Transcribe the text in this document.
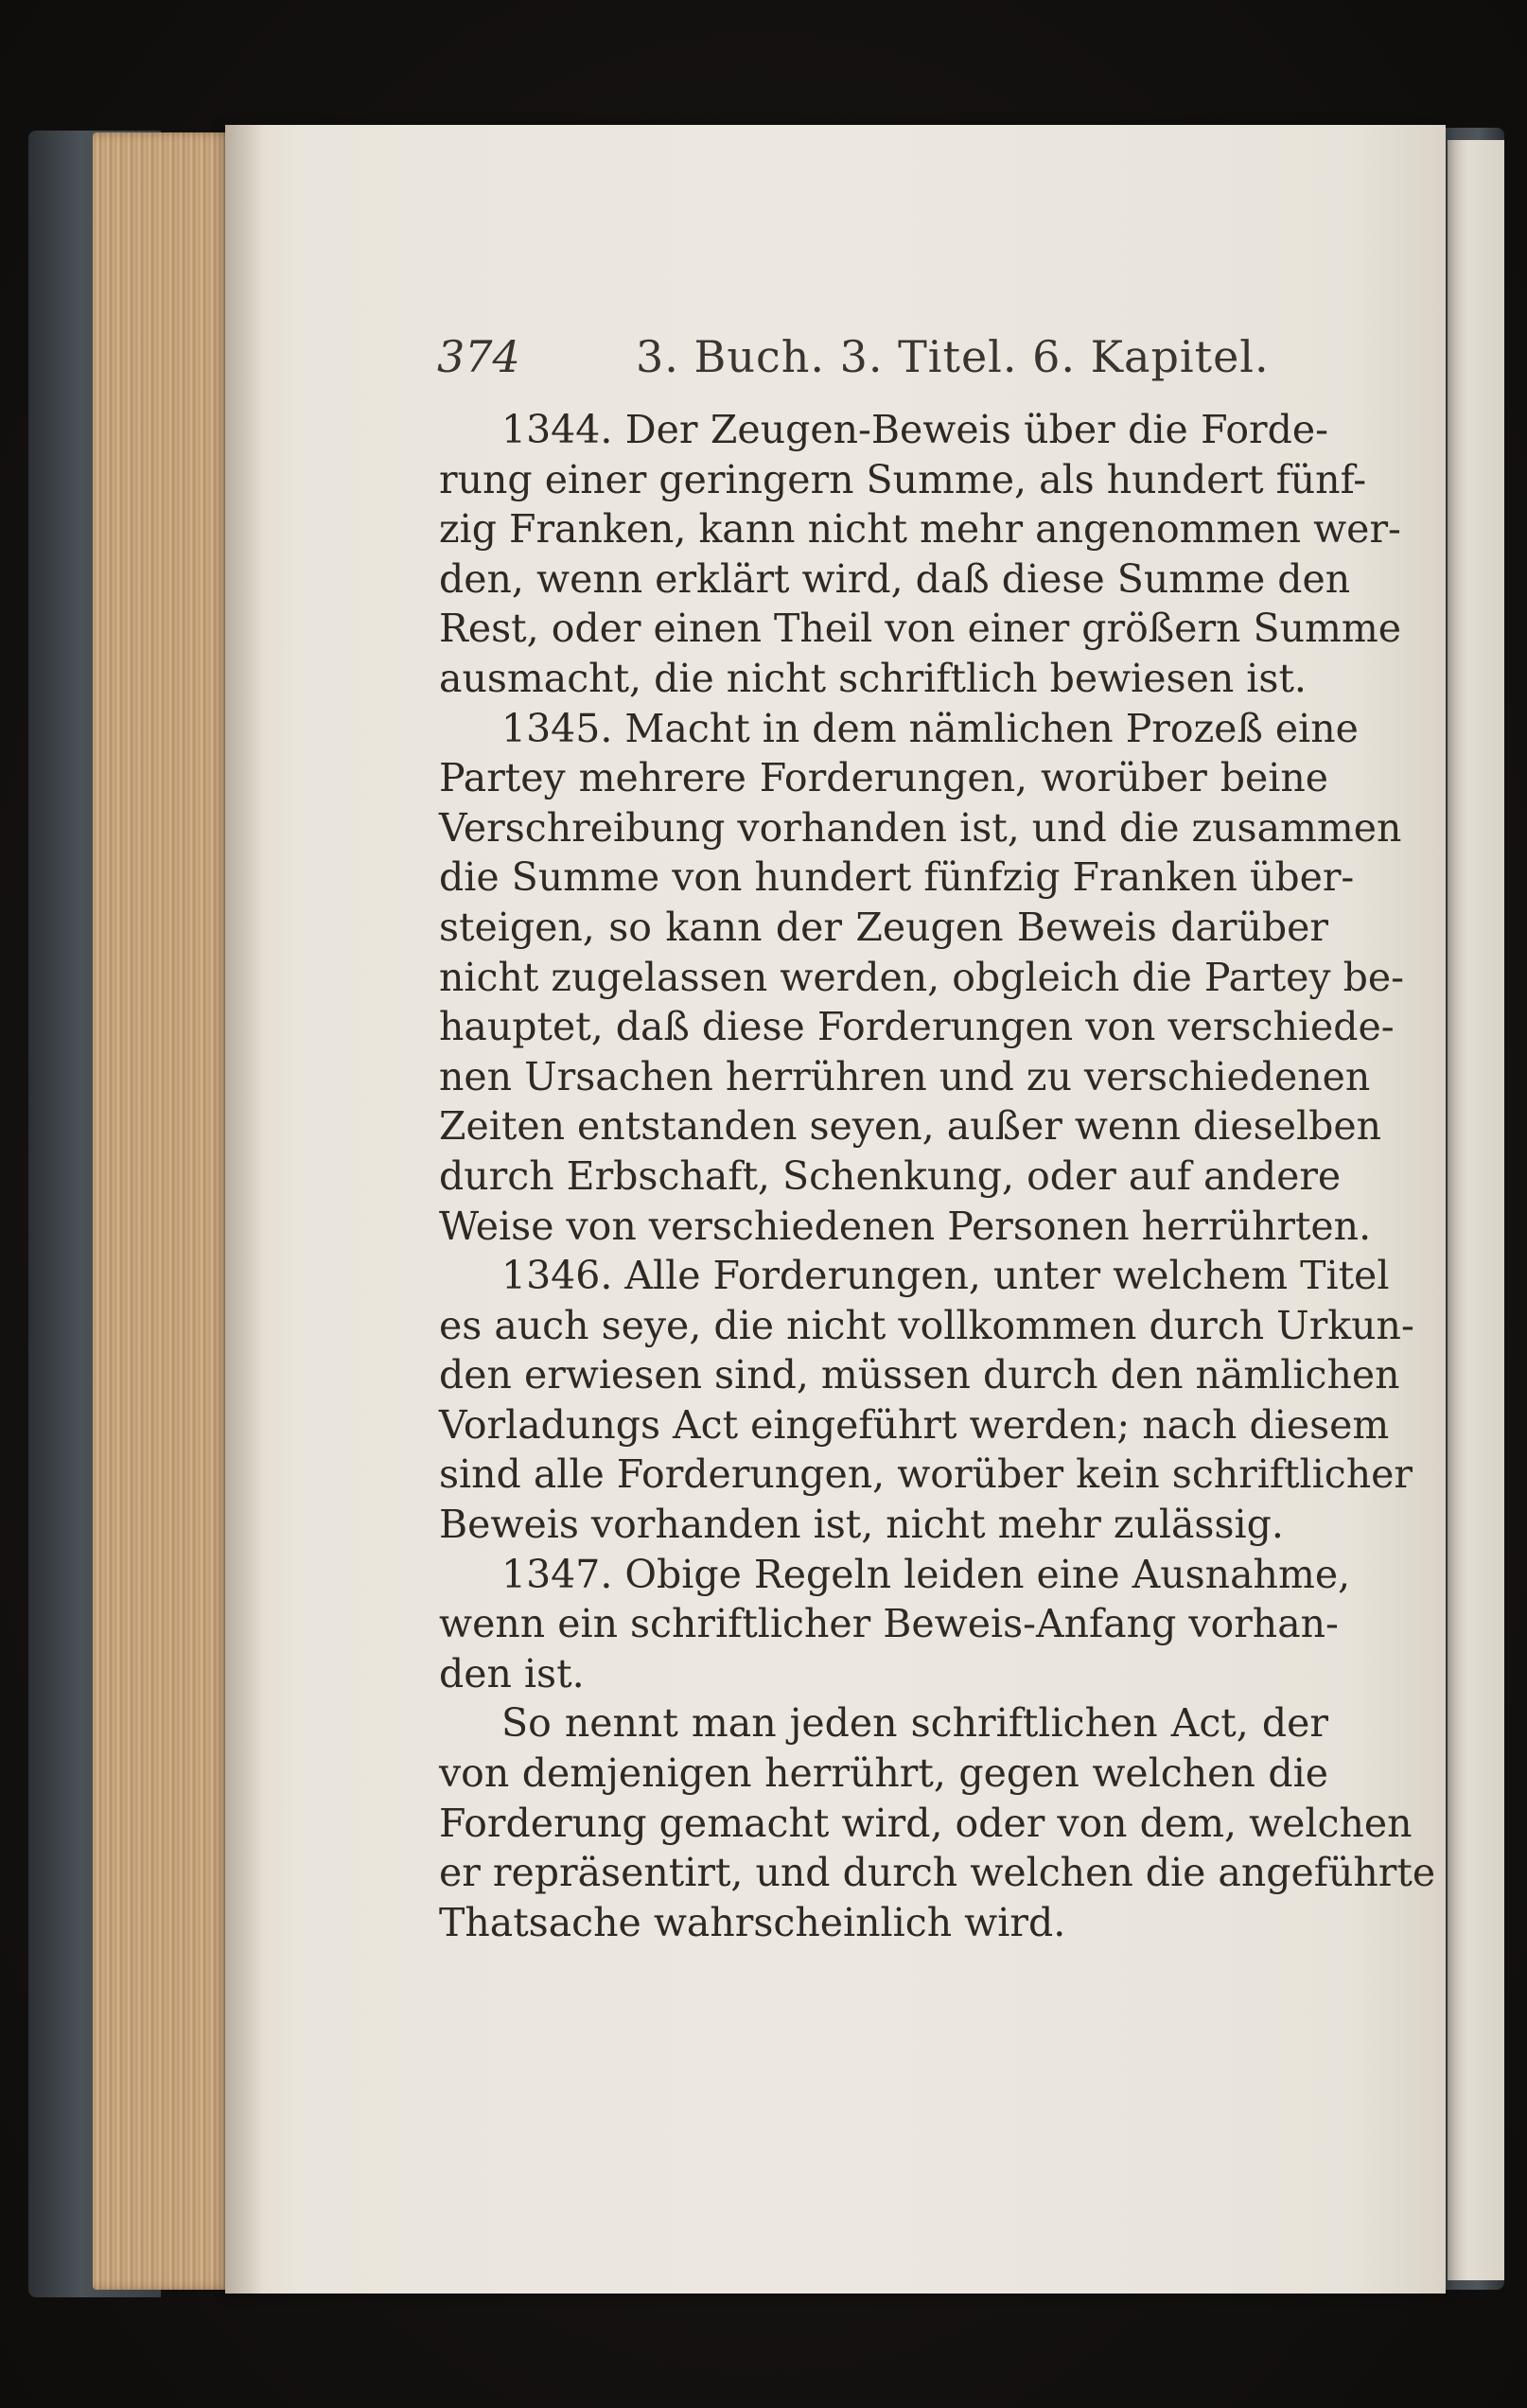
374	3. Buch. 3. Titel. 6. Kapitel.
1344. Der Zeugen-Beweis über die Forde-
rung einer geringern Summe, als hundert fünf-
zig Franken, kann nicht mehr angenommen wer-
den, wenn erklärt wird, daß diese Summe den
Rest, oder einen Theil von einer größern Summe
ausmacht, die nicht schriftlich bewiesen ist.
1345. Macht in dem nämlichen Prozeß eine
Partey mehrere Forderungen, worüber beine
Verschreibung vorhanden ist, und die zusammen
die Summe von hundert fünfzig Franken über-
steigen, so kann der Zeugen Beweis darüber
nicht zugelassen werden, obgleich die Partey be-
hauptet, daß diese Forderungen von verschiede-
nen Ursachen herrühren und zu verschiedenen
Zeiten entstanden seyen, außer wenn dieselben
durch Erbschaft, Schenkung, oder auf andere
Weise von verschiedenen Personen herrührten.
1346. Alle Forderungen, unter welchem Titel
es auch seye, die nicht vollkommen durch Urkun-
den erwiesen sind, müssen durch den nämlichen
Vorladungs Act eingeführt werden; nach diesem
sind alle Forderungen, worüber kein schriftlicher
Beweis vorhanden ist, nicht mehr zulässig.
1347. Obige Regeln leiden eine Ausnahme,
wenn ein schriftlicher Beweis-Anfang vorhan-
den ist.
So nennt man jeden schriftlichen Act, der
von demjenigen herrührt, gegen welchen die
Forderung gemacht wird, oder von dem, welchen
er repräsentirt, und durch welchen die angeführte
Thatsache wahrscheinlich wird.
